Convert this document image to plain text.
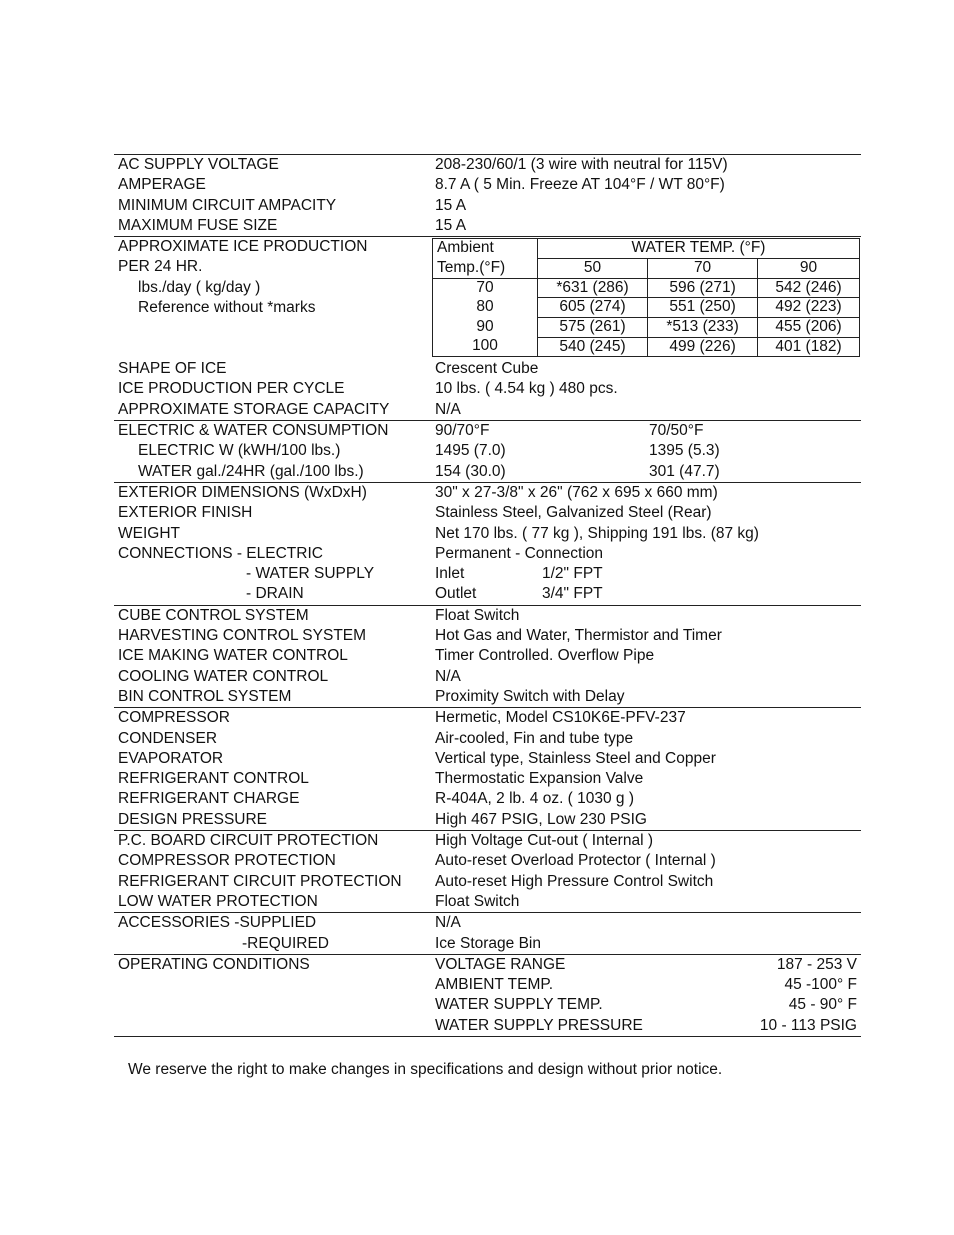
AC SUPPLY VOLTAGE	208-230/60/1 (3 wire with neutral for 115V)
AMPERAGE	8.7 A ( 5 Min. Freeze AT 104°F / WT 80°F)
MINIMUM CIRCUIT AMPACITY	15 A
MAXIMUM FUSE SIZE	15 A
APPROXIMATE ICE PRODUCTION
PER 24 HR.
lbs./day ( kg/day )
Reference without *marks
Ambient	WATER TEMP. (°F)		
Temp.(°F)	50	70	90
70	*631 (286)	596 (271)	542 (246)
80	605 (274)	551 (250)	492 (223)
90	575 (261)	*513 (233)	455 (206)
100	540 (245)	499 (226)	401 (182)
SHAPE OF ICE	Crescent Cube
ICE PRODUCTION PER CYCLE	10 lbs. ( 4.54 kg ) 480 pcs.
APPROXIMATE STORAGE CAPACITY	N/A
ELECTRIC & WATER CONSUMPTION	90/70°F	70/50°F
ELECTRIC W (kWH/100 lbs.)	1495 (7.0)	1395 (5.3)
WATER gal./24HR (gal./100 lbs.)	154 (30.0)	301 (47.7)
EXTERIOR DIMENSIONS (WxDxH)	30" x 27-3/8" x 26" (762 x 695 x 660 mm)
EXTERIOR FINISH	Stainless Steel, Galvanized Steel (Rear)
WEIGHT	Net 170 lbs. ( 77 kg ), Shipping 191 lbs. (87 kg)
CONNECTIONS - ELECTRIC	Permanent - Connection
- WATER SUPPLY	Inlet	1/2" FPT
- DRAIN	Outlet	3/4" FPT
CUBE CONTROL SYSTEM	Float Switch
HARVESTING CONTROL SYSTEM	Hot Gas and Water, Thermistor and Timer
ICE MAKING WATER CONTROL	Timer Controlled. Overflow Pipe
COOLING WATER CONTROL	N/A
BIN CONTROL SYSTEM	Proximity Switch with Delay
COMPRESSOR	Hermetic, Model CS10K6E-PFV-237
CONDENSER	Air-cooled, Fin and tube type
EVAPORATOR	Vertical type, Stainless Steel and Copper
REFRIGERANT CONTROL	Thermostatic Expansion Valve
REFRIGERANT CHARGE	R-404A, 2 lb. 4 oz. ( 1030 g )
DESIGN PRESSURE	High 467 PSIG, Low 230 PSIG
P.C. BOARD CIRCUIT PROTECTION	High Voltage Cut-out ( Internal )
COMPRESSOR PROTECTION	Auto-reset Overload Protector ( Internal )
REFRIGERANT CIRCUIT PROTECTION Auto-reset High Pressure Control Switch
LOW WATER PROTECTION	Float Switch
ACCESSORIES -SUPPLIED	N/A
-REQUIRED	Ice Storage Bin
OPERATING CONDITIONS	VOLTAGE RANGE	187 - 253 V
AMBIENT TEMP.	45 -100° F
WATER SUPPLY TEMP.	45 - 90° F
WATER SUPPLY PRESSURE	10 - 113 PSIG
We reserve the right to make changes in specifications and design without prior notice.
